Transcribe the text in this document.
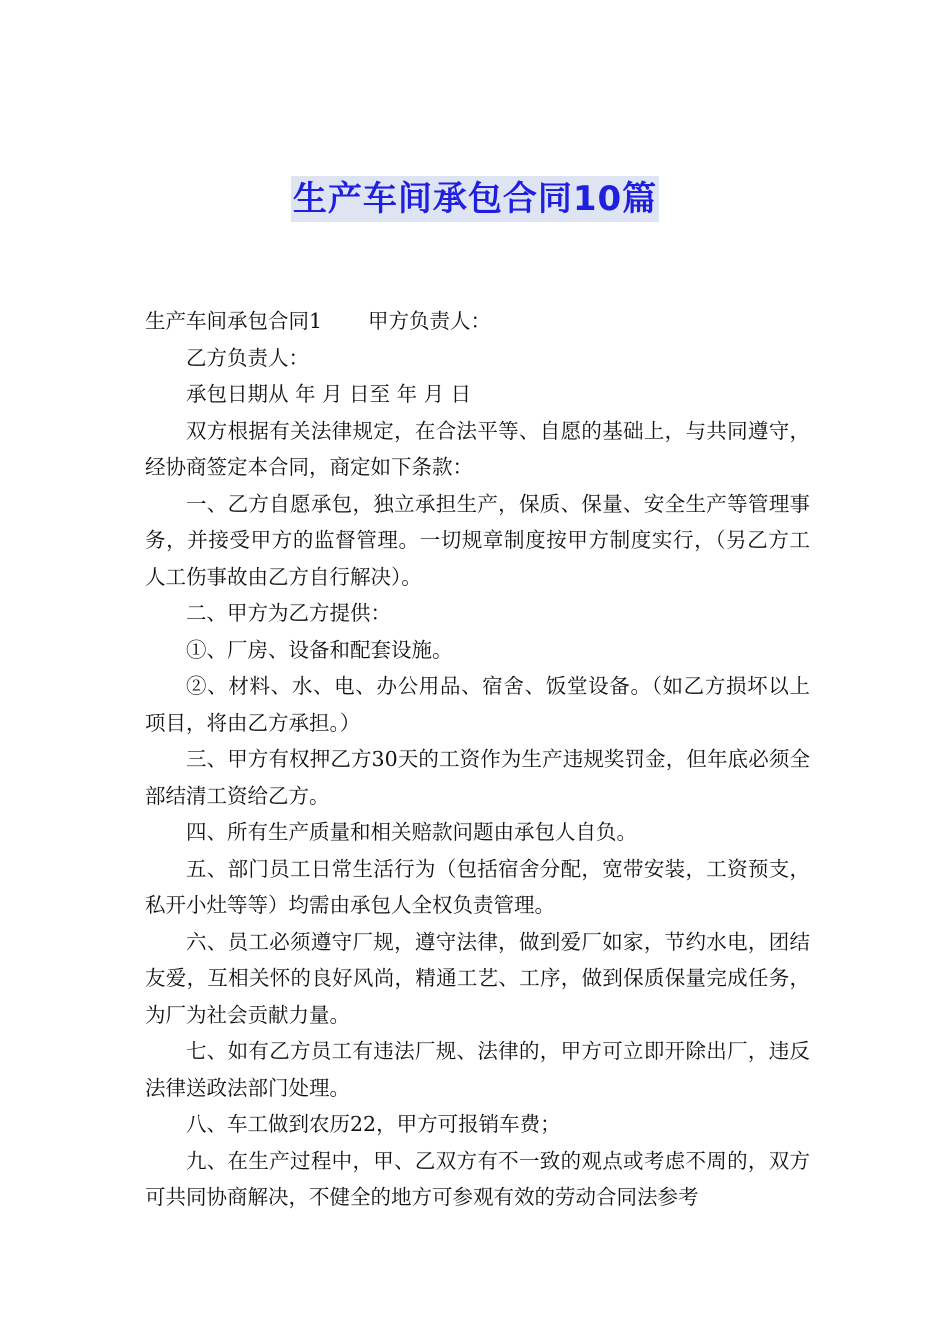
生产车间承包合同10篇

生产车间承包合同1 甲方负责人：

乙方负责人：

承包日期从 年 月 日至 年 月 日

双方根据有关法律规定，在合法平等、自愿的基础上，与共同遵守，经协商签定本合同，商定如下条款：

一、乙方自愿承包，独立承担生产，保质、保量、安全生产等管理事务，并接受甲方的监督管理。一切规章制度按甲方制度实行，（另乙方工人工伤事故由乙方自行解决）。

二、甲方为乙方提供：

①、厂房、设备和配套设施。

②、材料、水、电、办公用品、宿舍、饭堂设备。（如乙方损坏以上项目，将由乙方承担。）

三、甲方有权押乙方30天的工资作为生产违规奖罚金，但年底必须全部结清工资给乙方。

四、所有生产质量和相关赔款问题由承包人自负。

五、部门员工日常生活行为（包括宿舍分配，宽带安装，工资预支，私开小灶等等）均需由承包人全权负责管理。

六、员工必须遵守厂规，遵守法律，做到爱厂如家，节约水电，团结友爱，互相关怀的良好风尚，精通工艺、工序，做到保质保量完成任务，为厂为社会贡献力量。

七、如有乙方员工有违法厂规、法律的，甲方可立即开除出厂，违反法律送政法部门处理。

八、车工做到农历22，甲方可报销车费；

九、在生产过程中，甲、乙双方有不一致的观点或考虑不周的，双方可共同协商解决，不健全的地方可参观有效的劳动合同法参考
